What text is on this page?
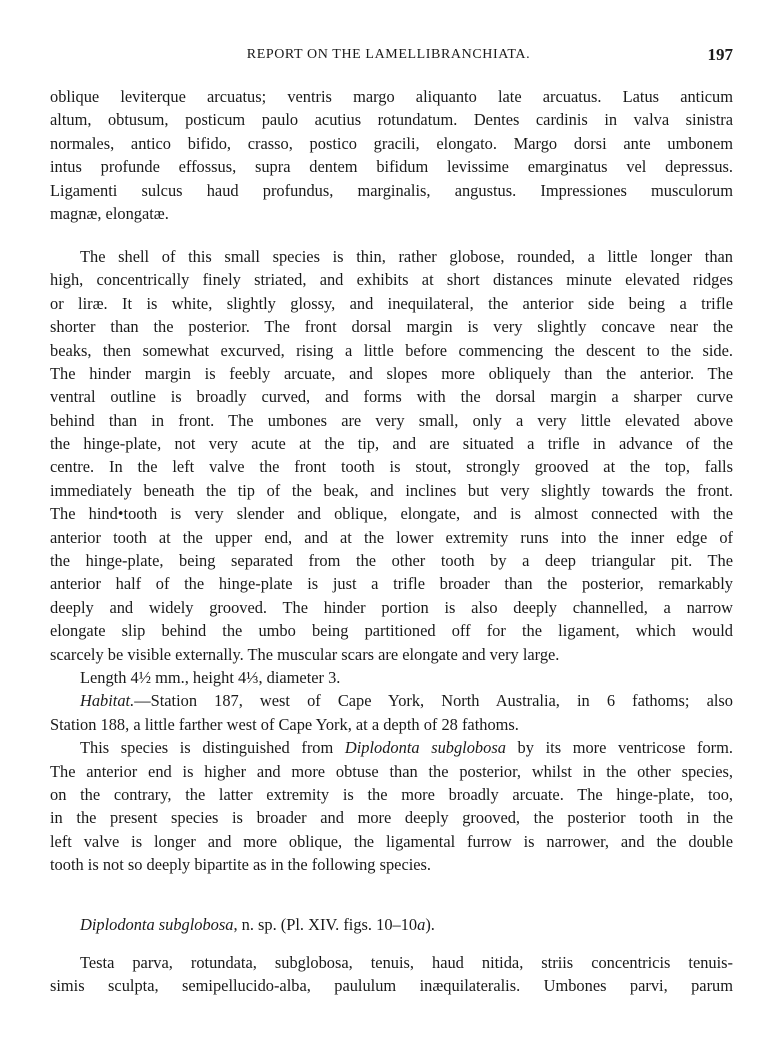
REPORT ON THE LAMELLIBRANCHIATA.	197
oblique leviterque arcuatus; ventris margo aliquanto late arcuatus. Latus anticum
altum, obtusum, posticum paulo acutius rotundatum. Dentes cardinis in valva sinistra
normales, antico bifido, crasso, postico gracili, elongato. Margo dorsi ante umbonem
intus profunde effossus, supra dentem bifidum levissime emarginatus vel depressus.
Ligamenti sulcus haud profundus, marginalis, angustus. Impressiones musculorum
magnæ, elongatæ.
The shell of this small species is thin, rather globose, rounded, a little longer than
high, concentrically finely striated, and exhibits at short distances minute elevated ridges
or liræ. It is white, slightly glossy, and inequilateral, the anterior side being a trifle
shorter than the posterior. The front dorsal margin is very slightly concave near the
beaks, then somewhat excurved, rising a little before commencing the descent to the side.
The hinder margin is feebly arcuate, and slopes more obliquely than the anterior. The
ventral outline is broadly curved, and forms with the dorsal margin a sharper curve
behind than in front. The umbones are very small, only a very little elevated above
the hinge-plate, not very acute at the tip, and are situated a trifle in advance of the
centre. In the left valve the front tooth is stout, strongly grooved at the top, falls
immediately beneath the tip of the beak, and inclines but very slightly towards the front.
The hind•tooth is very slender and oblique, elongate, and is almost connected with the
anterior tooth at the upper end, and at the lower extremity runs into the inner edge of
the hinge-plate, being separated from the other tooth by a deep triangular pit. The
anterior half of the hinge-plate is just a trifle broader than the posterior, remarkably
deeply and widely grooved. The hinder portion is also deeply channelled, a narrow
elongate slip behind the umbo being partitioned off for the ligament, which would
scarcely be visible externally. The muscular scars are elongate and very large.
Length 4½ mm., height 4⅓, diameter 3.
Habitat.—Station 187, west of Cape York, North Australia, in 6 fathoms; also
Station 188, a little farther west of Cape York, at a depth of 28 fathoms.
This species is distinguished from Diplodonta subglobosa by its more ventricose form.
The anterior end is higher and more obtuse than the posterior, whilst in the other species,
on the contrary, the latter extremity is the more broadly arcuate. The hinge-plate, too,
in the present species is broader and more deeply grooved, the posterior tooth in the
left valve is longer and more oblique, the ligamental furrow is narrower, and the double
tooth is not so deeply bipartite as in the following species.
Diplodonta subglobosa, n. sp. (Pl. XIV. figs. 10–10a).
Testa parva, rotundata, subglobosa, tenuis, haud nitida, striis concentricis tenuis-
simis sculpta, semipellucido-alba, paululum inæquilateralis. Umbones parvi, parum
